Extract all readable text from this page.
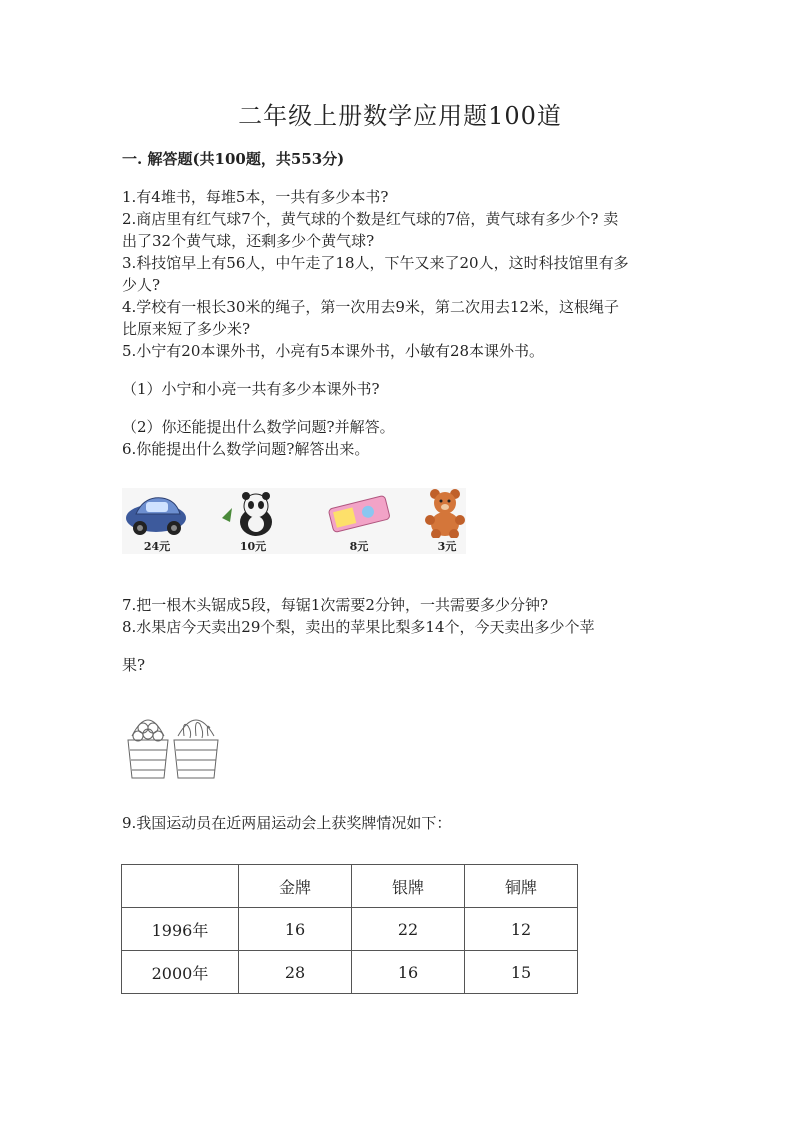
二年级上册数学应用题100道
一. 解答题(共100题，共553分)
1.有4堆书，每堆5本，一共有多少本书?
2.商店里有红气球7个，黄气球的个数是红气球的7倍，黄气球有多少个? 卖
出了32个黄气球，还剩多少个黄气球?
3.科技馆早上有56人，中午走了18人，下午又来了20人，这时科技馆里有多
少人?
4.学校有一根长30米的绳子，第一次用去9米，第二次用去12米，这根绳子
比原来短了多少米?
5.小宁有20本课外书，小亮有5本课外书，小敏有28本课外书。
（1）小宁和小亮一共有多少本课外书?
（2）你还能提出什么数学问题?并解答。
6.你能提出什么数学问题?解答出来。
24元	10元	8元	3元
7.把一根木头锯成5段，每锯1次需要2分钟，一共需要多少分钟?
8.水果店今天卖出29个梨，卖出的苹果比梨多14个，今天卖出多少个苹
果?
9.我国运动员在近两届运动会上获奖牌情况如下：
	金牌	银牌	铜牌
1996年	16	22	12
2000年	28	16	15
